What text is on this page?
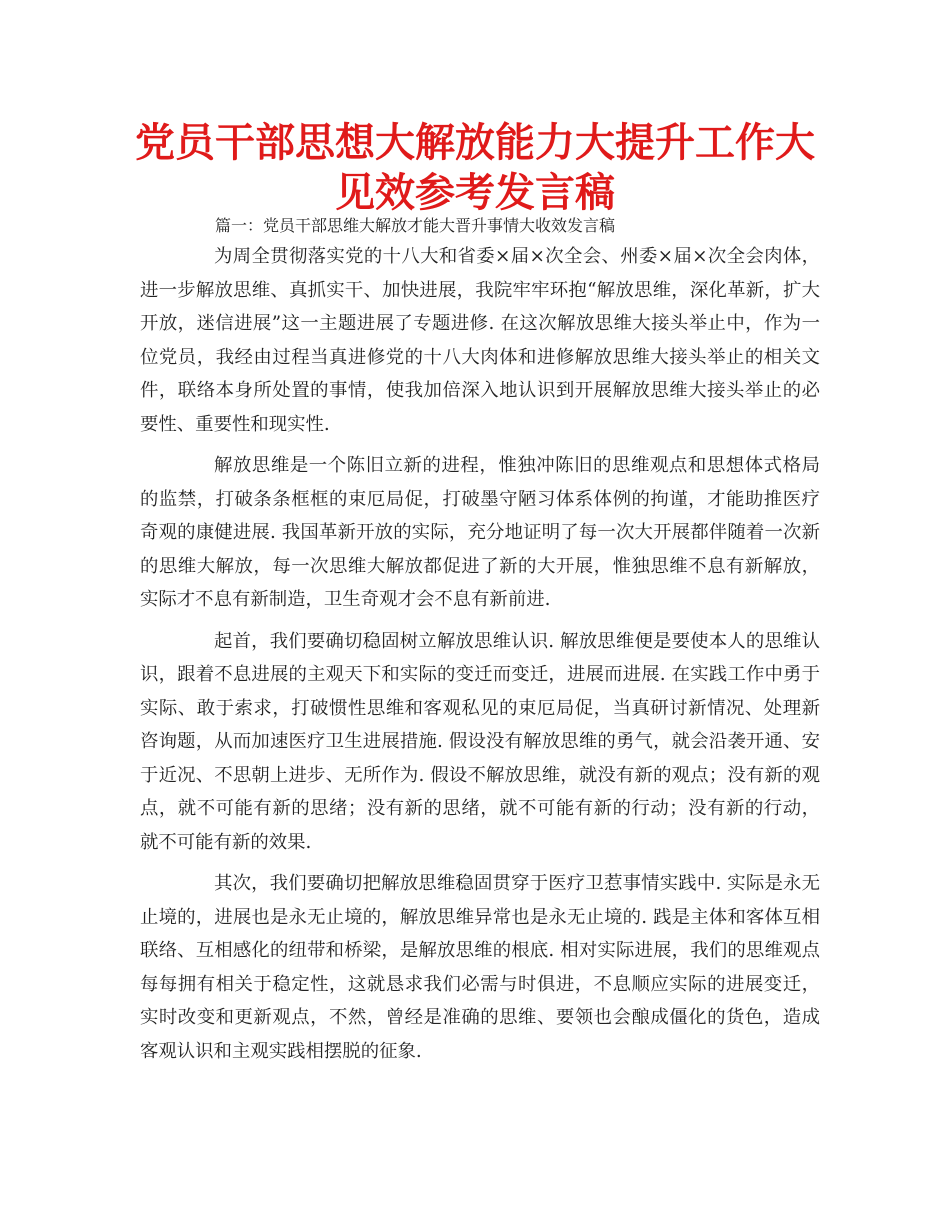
党员干部思想大解放能力大提升工作大见效参考发言稿
篇一：党员干部思维大解放才能大晋升事情大收效发言稿

为周全贯彻落实党的十八大和省委×届×次全会、州委×届×次全会肉体，进一步解放思维、真抓实干、加快进展，我院牢牢环抱“解放思维，深化革新，扩大开放，迷信进展”这一主题进展了专题进修. 在这次解放思维大接头举止中，作为一位党员，我经由过程当真进修党的十八大肉体和进修解放思维大接头举止的相关文件，联络本身所处置的事情，使我加倍深入地认识到开展解放思维大接头举止的必要性、重要性和现实性.

解放思维是一个陈旧立新的进程，惟独冲陈旧的思维观点和思想体式格局的监禁，打破条条框框的束厄局促，打破墨守陋习体系体例的拘谨，才能助推医疗奇观的康健进展. 我国革新开放的实际，充分地证明了每一次大开展都伴随着一次新的思维大解放，每一次思维大解放都促进了新的大开展，惟独思维不息有新解放，实际才不息有新制造，卫生奇观才会不息有新前进.

起首，我们要确切稳固树立解放思维认识. 解放思维便是要使本人的思维认识，跟着不息进展的主观天下和实际的变迁而变迁，进展而进展. 在实践工作中勇于实际、敢于索求，打破惯性思维和客观私见的束厄局促，当真研讨新情况、处理新咨询题，从而加速医疗卫生进展措施. 假设没有解放思维的勇气，就会沿袭开通、安于近况、不思朝上进步、无所作为. 假设不解放思维，就没有新的观点；没有新的观点，就不可能有新的思绪；没有新的思绪，就不可能有新的行动；没有新的行动，就不可能有新的效果.

其次，我们要确切把解放思维稳固贯穿于医疗卫惹事情实践中. 实际是永无止境的，进展也是永无止境的，解放思维异常也是永无止境的. 践是主体和客体互相联络、互相感化的纽带和桥梁，是解放思维的根底. 相对实际进展，我们的思维观点每每拥有相关于稳定性，这就恳求我们必需与时俱进，不息顺应实际的进展变迁，实时改变和更新观点，不然，曾经是准确的思维、要领也会酿成僵化的货色，造成客观认识和主观实践相摆脱的征象.
